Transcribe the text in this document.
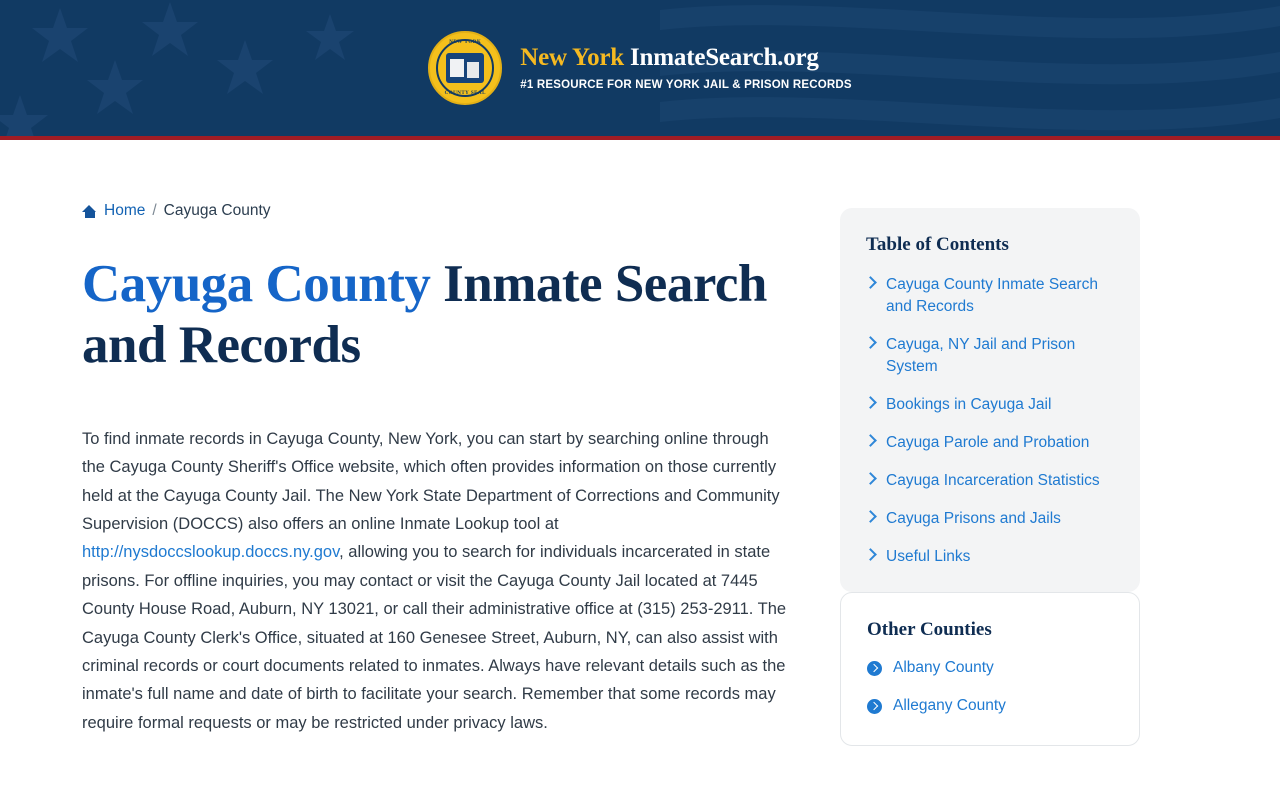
NEW YORK
COUNTY SEAL
New York InmateSearch.org
#1 RESOURCE FOR NEW YORK JAIL & PRISON RECORDS
Home / Cayuga County
Cayuga County Inmate Search and Records

To find inmate records in Cayuga County, New York, you can start by searching online through the Cayuga County Sheriff's Office website, which often provides information on those currently held at the Cayuga County Jail. The New York State Department of Corrections and Community Supervision (DOCCS) also offers an online Inmate Lookup tool at http://nysdoccslookup.doccs.ny.gov, allowing you to search for individuals incarcerated in state prisons. For offline inquiries, you may contact or visit the Cayuga County Jail located at 7445 County House Road, Auburn, NY 13021, or call their administrative office at (315) 253-2911. The Cayuga County Clerk's Office, situated at 160 Genesee Street, Auburn, NY, can also assist with criminal records or court documents related to inmates. Always have relevant details such as the inmate's full name and date of birth to facilitate your search. Remember that some records may require formal requests or may be restricted under privacy laws.

Table of Contents
Cayuga County Inmate Search and Records
Cayuga, NY Jail and Prison System
Bookings in Cayuga Jail
Cayuga Parole and Probation
Cayuga Incarceration Statistics
Cayuga Prisons and Jails
Useful Links
Other Counties
Albany County
Allegany County
